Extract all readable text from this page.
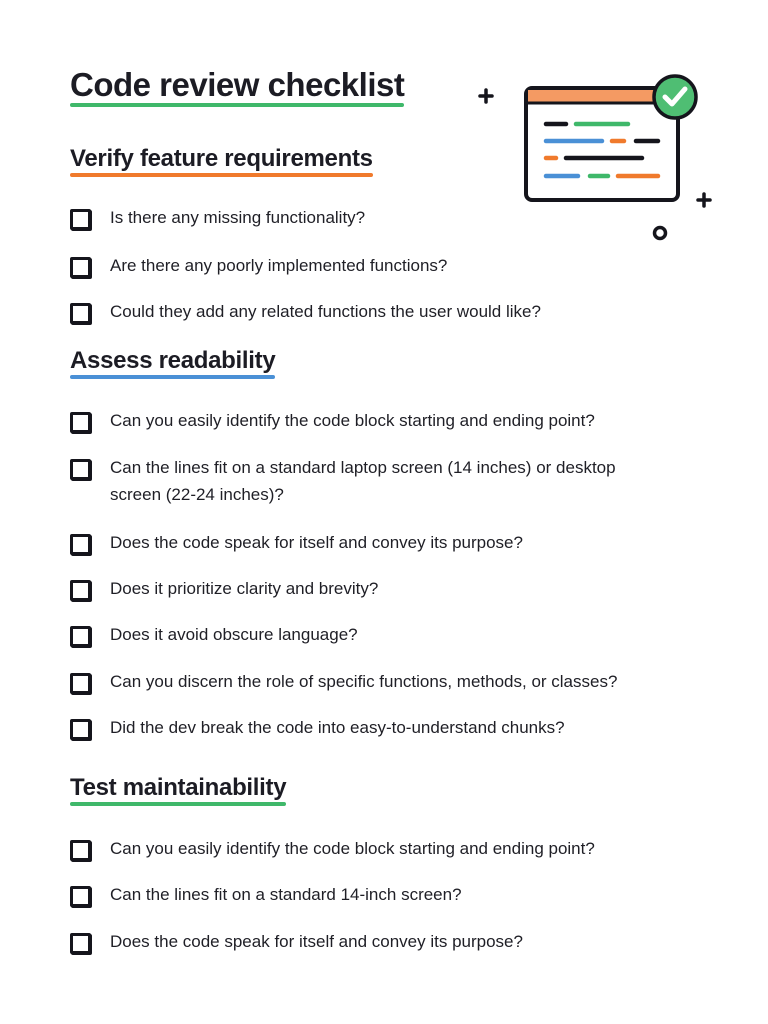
Code review checklist
Verify feature requirements
Is there any missing functionality?
Are there any poorly implemented functions?
Could they add any related functions the user would like?
Assess readability
Can you easily identify the code block starting and ending point?
Can the lines fit on a standard laptop screen (14 inches) or desktop screen (22-24 inches)?
Does the code speak for itself and convey its purpose?
Does it prioritize clarity and brevity?
Does it avoid obscure language?
Can you discern the role of specific functions, methods, or classes?
Did the dev break the code into easy-to-understand chunks?
Test maintainability
Can you easily identify the code block starting and ending point?
Can the lines fit on a standard 14-inch screen?
Does the code speak for itself and convey its purpose?
